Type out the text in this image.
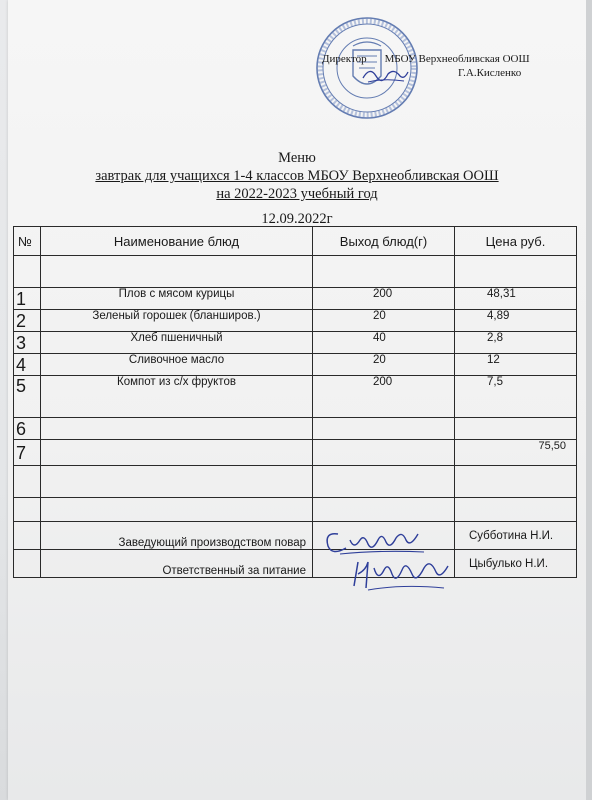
Директор МБОУ Верхнеобливская ООШ
Г.А.Кисленко
Меню
завтрак для учащихся 1-4 классов МБОУ Верхнеобливская ООШ
на 2022-2023 учебный год
12.09.2022г
№	Наименование блюд	Выход блюд(г)	Цена руб.

1	Плов с мясом курицы	200	48,31
2	Зеленый горошек (бланширов.)	20	4,89
3	Хлеб пшеничный	40	2,8
4	Сливочное масло	20	12
5	Компот из с/х фруктов	200	7,5
6			
7			75,50

	Заведующий производством повар		Субботина Н.И.
	Ответственный за питание		Цыбулько Н.И.
